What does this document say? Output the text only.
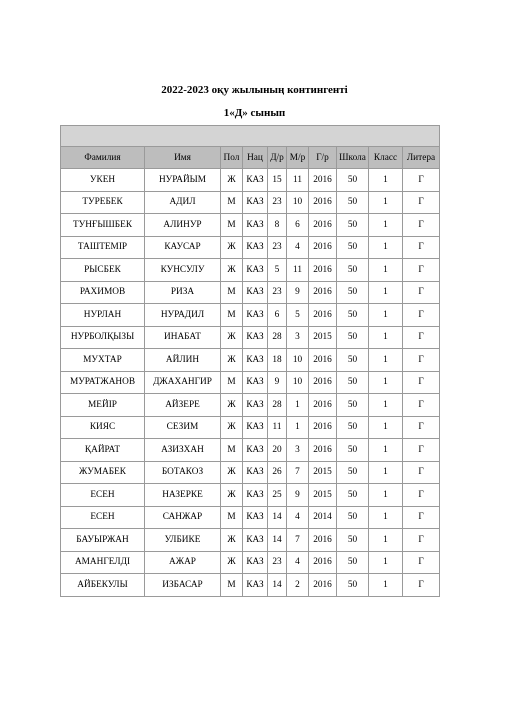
2022-2023 оқу жылының контингенті
1«Д» сынып

Фамилия	Имя	Пол	Нац	Д/р	М/р	Г/р	Школа	Класс	Литера
УКЕН	НУРАЙЫМ	Ж	КАЗ	15	11	2016	50	1	Г
ТУРЕБЕК	АДИЛ	М	КАЗ	23	10	2016	50	1	Г
ТУНҒЫШБЕК	АЛИНУР	М	КАЗ	8	6	2016	50	1	Г
ТАШТЕМІР	КАУСАР	Ж	КАЗ	23	4	2016	50	1	Г
РЫСБЕК	КУНСУЛУ	Ж	КАЗ	5	11	2016	50	1	Г
РАХИМОВ	РИЗА	М	КАЗ	23	9	2016	50	1	Г
НУРЛАН	НУРАДИЛ	М	КАЗ	6	5	2016	50	1	Г
НУРБОЛҚЫЗЫ	ИНАБАТ	Ж	КАЗ	28	3	2015	50	1	Г
МУХТАР	АЙЛИН	Ж	КАЗ	18	10	2016	50	1	Г
МУРАТЖАНОВ	ДЖАХАНГИР	М	КАЗ	9	10	2016	50	1	Г
МЕЙІР	АЙЗЕРЕ	Ж	КАЗ	28	1	2016	50	1	Г
КИЯС	СЕЗИМ	Ж	КАЗ	11	1	2016	50	1	Г
ҚАЙРАТ	АЗИЗХАН	М	КАЗ	20	3	2016	50	1	Г
ЖУМАБЕК	БОТАКОЗ	Ж	КАЗ	26	7	2015	50	1	Г
ЕСЕН	НАЗЕРКЕ	Ж	КАЗ	25	9	2015	50	1	Г
ЕСЕН	САНЖАР	М	КАЗ	14	4	2014	50	1	Г
БАУЫРЖАН	УЛБИКЕ	Ж	КАЗ	14	7	2016	50	1	Г
АМАНГЕЛДІ	АЖАР	Ж	КАЗ	23	4	2016	50	1	Г
АЙБЕКУЛЫ	ИЗБАСАР	М	КАЗ	14	2	2016	50	1	Г
